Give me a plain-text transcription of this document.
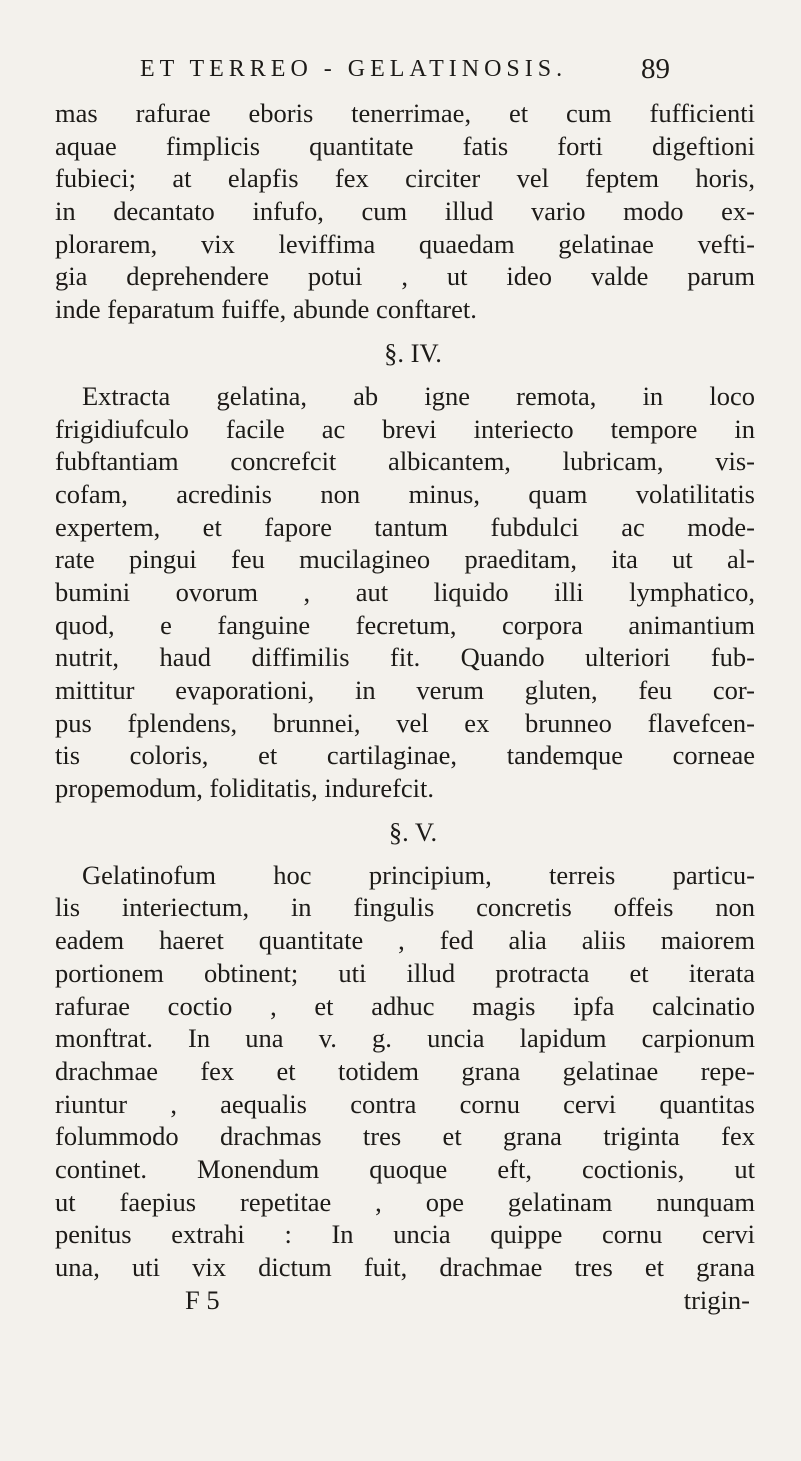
ET TERREO - GELATINOSIS.	89
mas rafurae eboris tenerrimae, et cum fufficienti
aquae fimplicis quantitate fatis forti digeftioni
fubieci; at elapfis fex circiter vel feptem horis,
in decantato infufo, cum illud vario modo ex-
plorarem, vix leviffima quaedam gelatinae vefti-
gia deprehendere potui , ut ideo valde parum
inde feparatum fuiffe, abunde conftaret.
§. IV.
Extracta gelatina, ab igne remota, in loco
frigidiufculo facile ac brevi interiecto tempore in
fubftantiam concrefcit albicantem, lubricam, vis-
cofam, acredinis non minus, quam volatilitatis
expertem, et fapore tantum fubdulci ac mode-
rate pingui feu mucilagineo praeditam, ita ut al-
bumini ovorum , aut liquido illi lymphatico,
quod, e fanguine fecretum, corpora animantium
nutrit, haud diffimilis fit. Quando ulteriori fub-
mittitur evaporationi, in verum gluten, feu cor-
pus fplendens, brunnei, vel ex brunneo flavefcen-
tis coloris, et cartilaginae, tandemque corneae
propemodum, foliditatis, indurefcit.
§. V.
Gelatinofum hoc principium, terreis particu-
lis interiectum, in fingulis concretis offeis non
eadem haeret quantitate , fed alia aliis maiorem
portionem obtinent; uti illud protracta et iterata
rafurae coctio , et adhuc magis ipfa calcinatio
monftrat. In una v. g. uncia lapidum carpionum
drachmae fex et totidem grana gelatinae repe-
riuntur , aequalis contra cornu cervi quantitas
folummodo drachmas tres et grana triginta fex
continet. Monendum quoque eft, coctionis, ut
ut faepius repetitae , ope gelatinam nunquam
penitus extrahi : In uncia quippe cornu cervi
una, uti vix dictum fuit, drachmae tres et grana
F 5	trigin-
